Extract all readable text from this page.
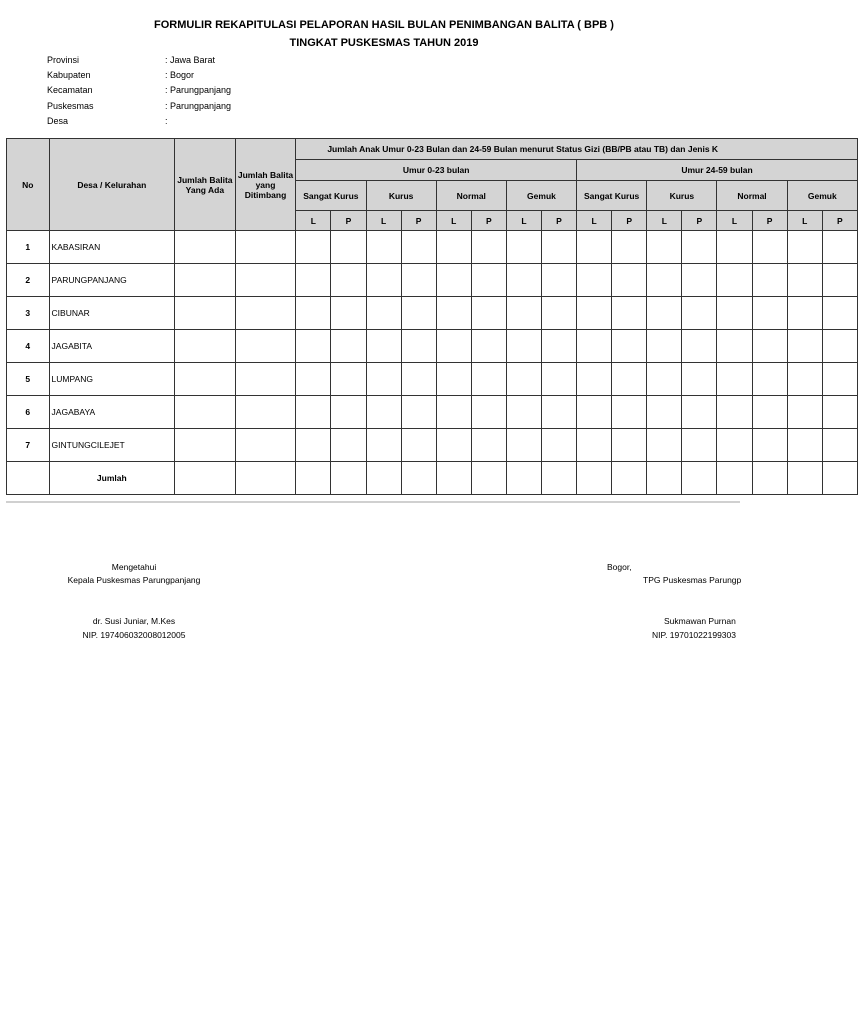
FORMULIR REKAPITULASI PELAPORAN HASIL BULAN PENIMBANGAN BALITA ( BPB )
TINGKAT PUSKESMAS TAHUN 2019
Provinsi	: Jawa Barat
Kabupaten	: Bogor
Kecamatan	: Parungpanjang
Puskesmas	: Parungpanjang
Desa	:
No	Desa / Kelurahan	Jumlah Balita Yang Ada	Jumlah Balita yang Ditimbang	Jumlah Anak Umur 0-23 Bulan dan 24-59 Bulan menurut Status Gizi (BB/PB atau TB) dan Jenis K															
				Umur 0-23 bulan								Umur 24-59 bulan							
				Sangat Kurus		Kurus		Normal		Gemuk		Sangat Kurus		Kurus		Normal		Gemuk	
				L	P	L	P	L	P	L	P	L	P	L	P	L	P	L	P
1	KABASIRAN																		
2	PARUNGPANJANG																		
3	CIBUNAR																		
4	JAGABITA																		
5	LUMPANG																		
6	JAGABAYA																		
7	GINTUNGCILEJET																		
	Jumlah																		
Mengetahui
Kepala Puskesmas Parungpanjang
dr. Susi Juniar, M.Kes
NIP. 197406032008012005
Bogor,
TPG Puskesmas Parungp
Sukmawan Purnan
NIP. 19701022199303
